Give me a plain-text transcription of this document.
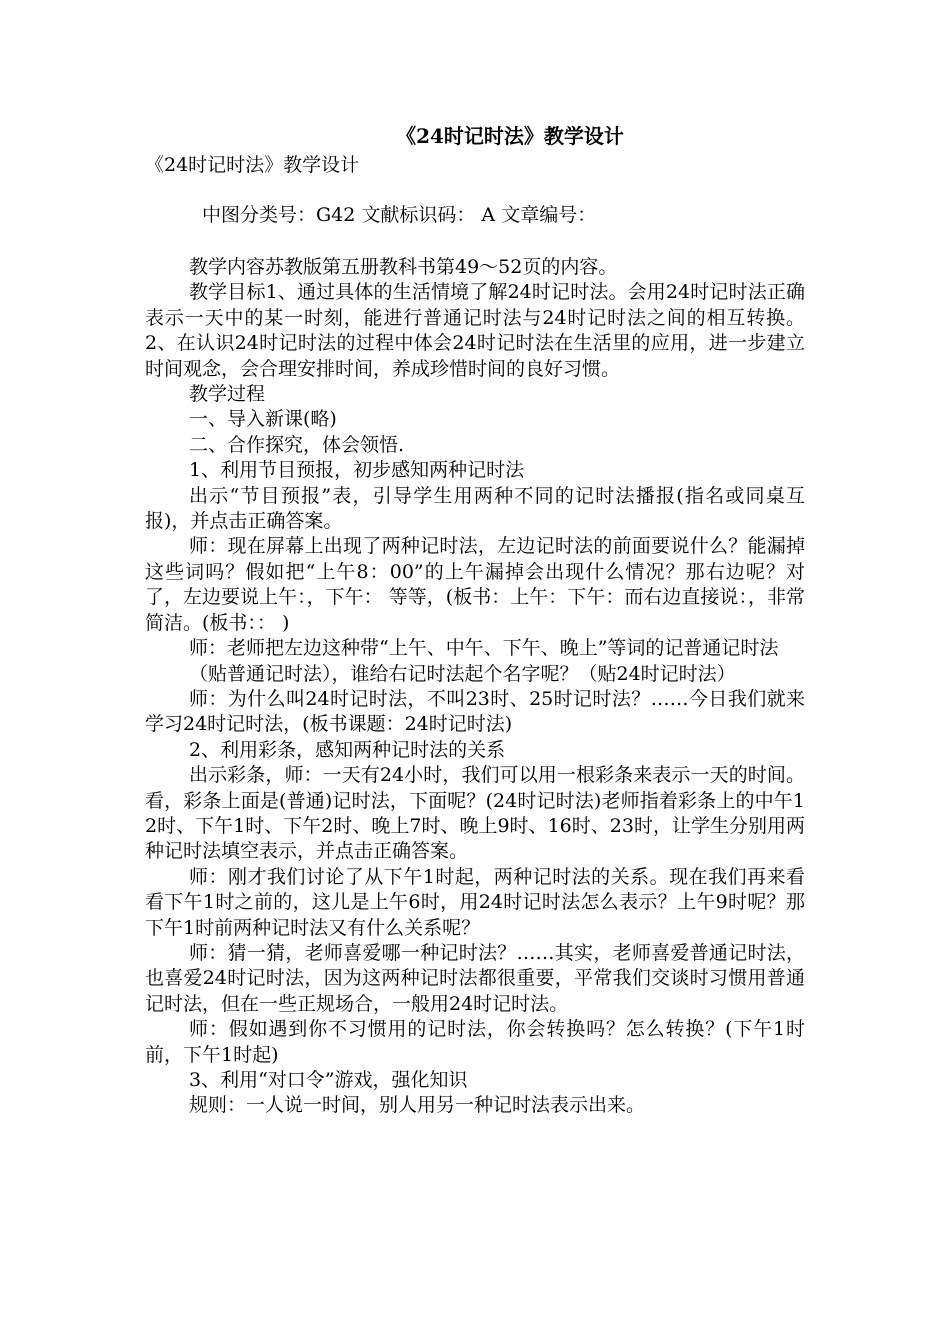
《24时记时法》教学设计

《24时记时法》教学设计

中图分类号：G42 文献标识码： A 文章编号：

教学内容苏教版第五册教科书第49～52页的内容。

教学目标1、通过具体的生活情境了解24时记时法。会用24时记时法正确表示一天中的某一时刻，能进行普通记时法与24时记时法之间的相互转换。2、在认识24时记时法的过程中体会24时记时法在生活里的应用，进一步建立时间观念，会合理安排时间，养成珍惜时间的良好习惯。

教学过程

一、导入新课(略)

二、合作探究，体会领悟.

1、利用节目预报，初步感知两种记时法

出示“节目预报”表，引导学生用两种不同的记时法播报(指名或同桌互报)，并点击正确答案。

师：现在屏幕上出现了两种记时法，左边记时法的前面要说什么？能漏掉这些词吗？假如把“上午8：00”的上午漏掉会出现什么情况？那右边呢？对了，左边要说上午：，下午： 等等，(板书：上午：下午：而右边直接说：，非常简洁。(板书：： )

师：老师把左边这种带“上午、中午、下午、晚上”等词的记普通记时法

（贴普通记时法），谁给右记时法起个名字呢？（贴24时记时法）

师：为什么叫24时记时法，不叫23时、25时记时法？……今日我们就来学习24时记时法，(板书课题：24时记时法)

2、利用彩条，感知两种记时法的关系

出示彩条，师：一天有24小时，我们可以用一根彩条来表示一天的时间。看，彩条上面是(普通)记时法，下面呢？(24时记时法)老师指着彩条上的中午12时、下午1时、下午2时、晚上7时、晚上9时、16时、23时，让学生分别用两种记时法填空表示，并点击正确答案。

师：刚才我们讨论了从下午1时起，两种记时法的关系。现在我们再来看看下午1时之前的，这儿是上午6时，用24时记时法怎么表示？上午9时呢？那下午1时前两种记时法又有什么关系呢？

师：猜一猜，老师喜爱哪一种记时法？……其实，老师喜爱普通记时法，也喜爱24时记时法，因为这两种记时法都很重要，平常我们交谈时习惯用普通记时法，但在一些正规场合，一般用24时记时法。

师：假如遇到你不习惯用的记时法，你会转换吗？怎么转换？(下午1时前，下午1时起)

3、利用“对口令”游戏，强化知识

规则：一人说一时间，别人用另一种记时法表示出来。
